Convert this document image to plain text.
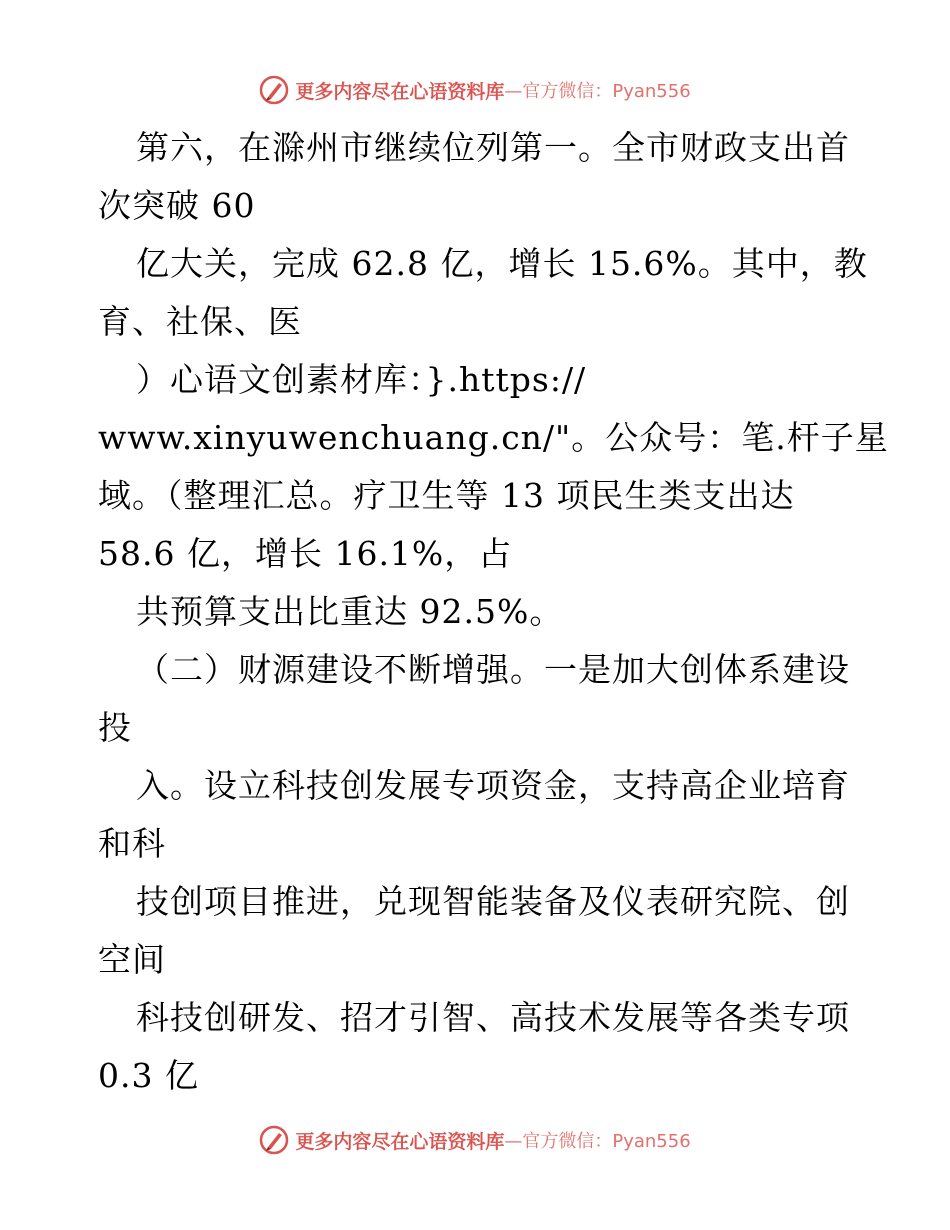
更多内容尽在心语资料库 —官方微信：Pyan556
第六，在滁州市继续位列第一。全市财政支出首
次突破 60
亿大关，完成 62.8 亿，增长 15.6%。其中，教
育、社保、医
）心语文创素材库：}.https://
www.xinyuwenchuang.cn/"。公众号：笔.杆子星
域。（整理汇总。疗卫生等 13 项民生类支出达
58.6 亿，增长 16.1%，占
共预算支出比重达 92.5%。
（二）财源建设不断增强。一是加大创体系建设
投
入。设立科技创发展专项资金，支持高企业培育
和科
技创项目推进，兑现智能装备及仪表研究院、创
空间
科技创研发、招才引智、高技术发展等各类专项
0.3 亿
更多内容尽在心语资料库 —官方微信：Pyan556
